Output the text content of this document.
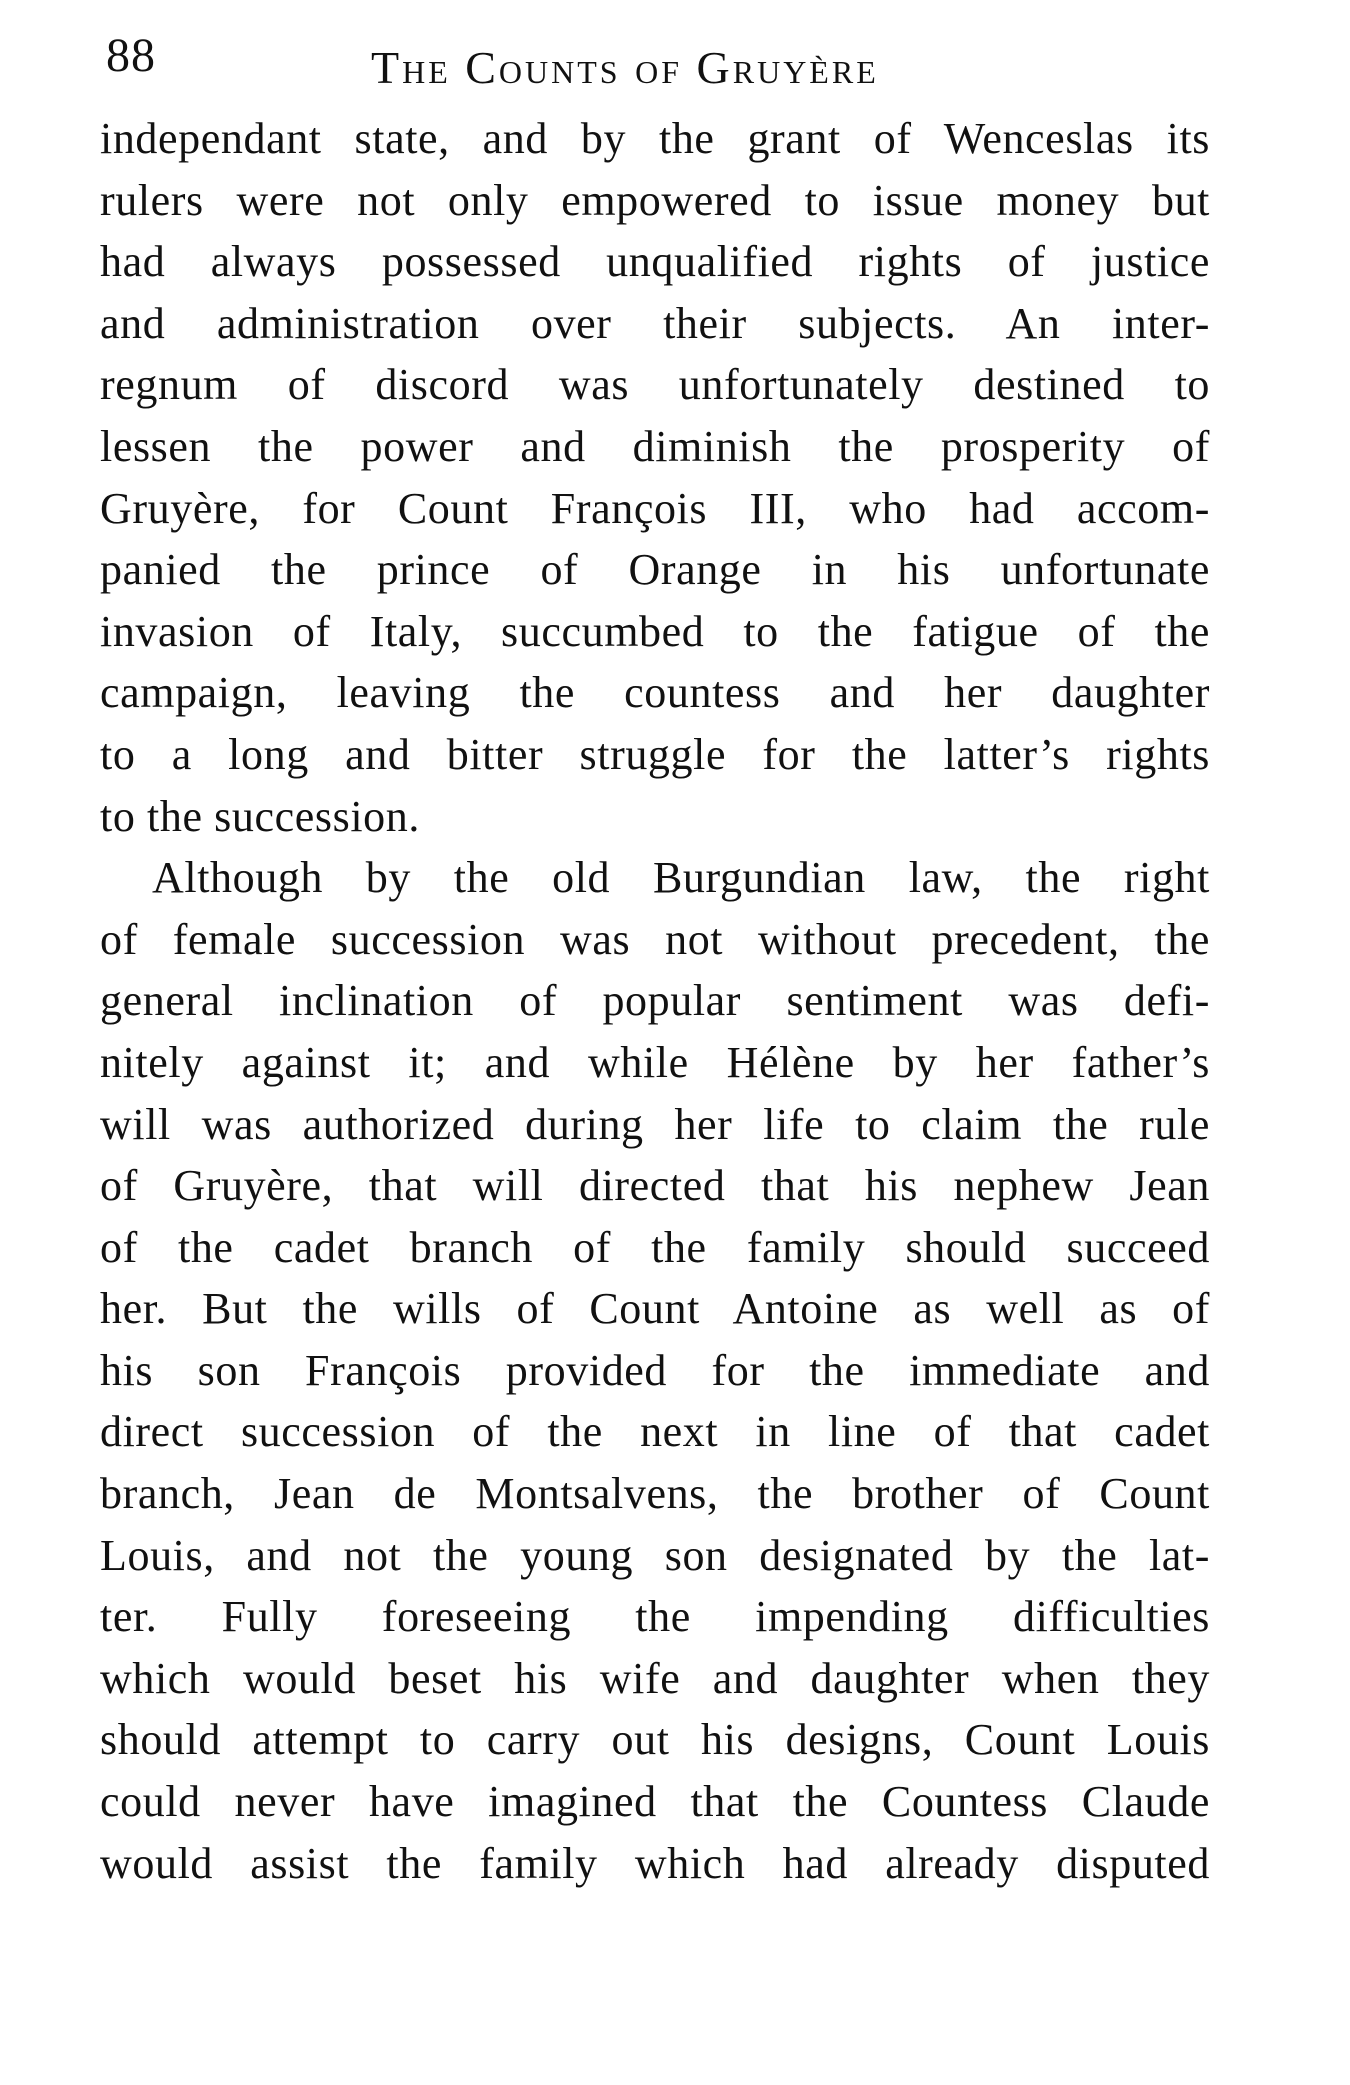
88	The Counts of Gruyère
independant state, and by the grant of Wenceslas its
rulers were not only empowered to issue money but
had always possessed unqualified rights of justice
and administration over their subjects. An inter-
regnum of discord was unfortunately destined to
lessen the power and diminish the prosperity of
Gruyère, for Count François III, who had accom-
panied the prince of Orange in his unfortunate
invasion of Italy, succumbed to the fatigue of the
campaign, leaving the countess and her daughter
to a long and bitter struggle for the latter’s rights
to the succession.
Although by the old Burgundian law, the right
of female succession was not without precedent, the
general inclination of popular sentiment was defi-
nitely against it; and while Hélène by her father’s
will was authorized during her life to claim the rule
of Gruyère, that will directed that his nephew Jean
of the cadet branch of the family should succeed
her. But the wills of Count Antoine as well as of
his son François provided for the immediate and
direct succession of the next in line of that cadet
branch, Jean de Montsalvens, the brother of Count
Louis, and not the young son designated by the lat-
ter. Fully foreseeing the impending difficulties
which would beset his wife and daughter when they
should attempt to carry out his designs, Count Louis
could never have imagined that the Countess Claude
would assist the family which had already disputed
